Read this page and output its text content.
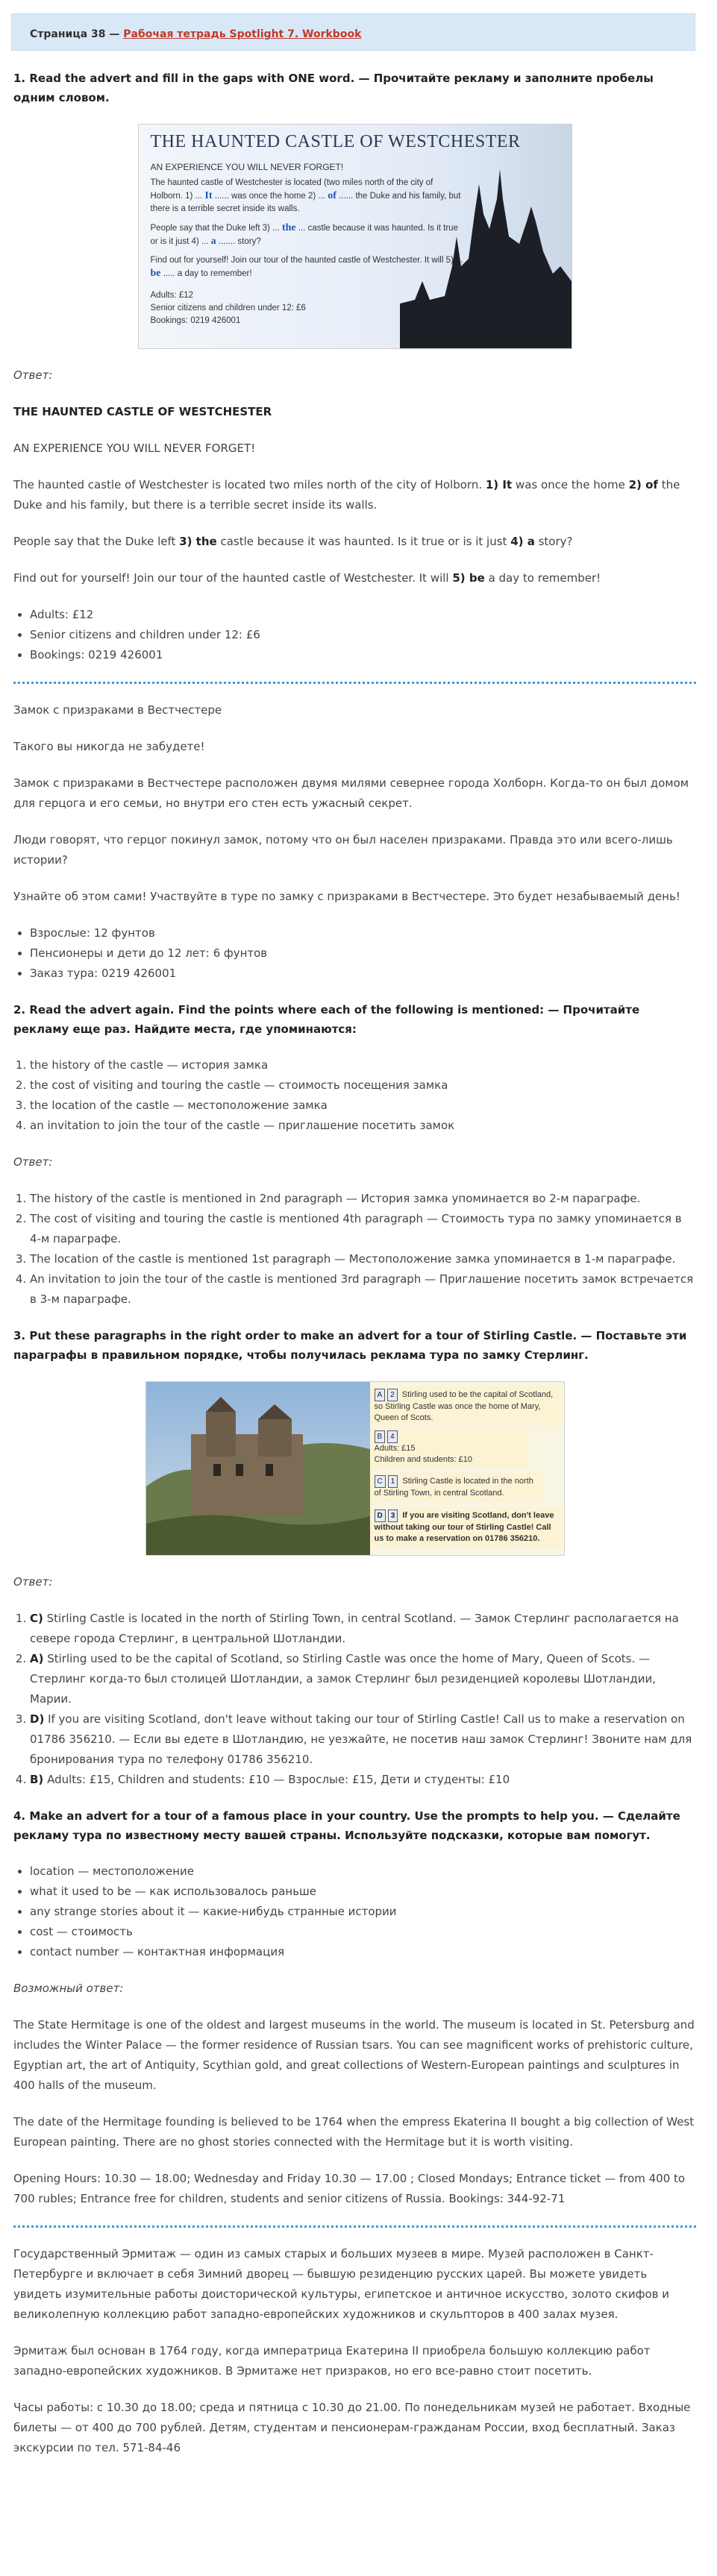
Страница 38 — Рабочая тетрадь Spotlight 7. Workbook
1. Read the advert and fill in the gaps with ONE word. — Прочитайте рекламу и заполните пробелы одним словом.
THE HAUNTED CASTLE OF WESTCHESTER
AN EXPERIENCE YOU WILL NEVER FORGET!
The haunted castle of Westchester is located (two miles north of the city of Holborn. 1) ... It ...... was once the home 2) ... of ...... the Duke and his family, but there is a terrible secret inside its walls.
People say that the Duke left 3) ... the ... castle because it was haunted. Is it true or is it just 4) ... a ....... story?
Find out for yourself! Join our tour of the haunted castle of Westchester. It will 5) ... be ..... a day to remember!
Adults: £12
Senior citizens and children under 12: £6
Bookings: 0219 426001

Ответ:

THE HAUNTED CASTLE OF WESTCHESTER

AN EXPERIENCE YOU WILL NEVER FORGET!

The haunted castle of Westchester is located two miles north of the city of Holborn. 1) It was once the home 2) of the Duke and his family, but there is a terrible secret inside its walls.

People say that the Duke left 3) the castle because it was haunted. Is it true or is it just 4) a story?

Find out for yourself! Join our tour of the haunted castle of Westchester. It will 5) be a day to remember!

• Adults: £12
• Senior citizens and children under 12: £6
• Bookings: 0219 426001

Замок с призраками в Вестчестере

Такого вы никогда не забудете!

Замок с призраками в Вестчестере расположен двумя милями севернее города Холборн. Когда-то он был домом для герцога и его семьи, но внутри его стен есть ужасный секрет.

Люди говорят, что герцог покинул замок, потому что он был населен призраками. Правда это или всего-лишь истории?

Узнайте об этом сами! Участвуйте в туре по замку с призраками в Вестчестере. Это будет незабываемый день!

• Взрослые: 12 фунтов
• Пенсионеры и дети до 12 лет: 6 фунтов
• Заказ тура: 0219 426001
2. Read the advert again. Find the points where each of the following is mentioned: — Прочитайте рекламу еще раз. Найдите места, где упоминаются:
1. the history of the castle — история замка
2. the cost of visiting and touring the castle — стоимость посещения замка
3. the location of the castle — местоположение замка
4. an invitation to join the tour of the castle — приглашение посетить замок

Ответ:

1. The history of the castle is mentioned in 2nd paragraph — История замка упоминается во 2-м параграфе.
2. The cost of visiting and touring the castle is mentioned 4th paragraph — Стоимость тура по замку упоминается в 4-м параграфе.
3. The location of the castle is mentioned 1st paragraph — Местоположение замка упоминается в 1-м параграфе.
4. An invitation to join the tour of the castle is mentioned 3rd paragraph — Приглашение посетить замок встречается в 3-м параграфе.
3. Put these paragraphs in the right order to make an advert for a tour of Stirling Castle. — Поставьте эти параграфы в правильном порядке, чтобы получилась реклама тура по замку Стерлинг.
A 2 Stirling used to be the capital of Scotland, so Stirling Castle was once the home of Mary, Queen of Scots.
B 4
Adults: £15
Children and students: £10
C 1 Stirling Castle is located in the north of Stirling Town, in central Scotland.
D 3 If you are visiting Scotland, don't leave without taking our tour of Stirling Castle! Call us to make a reservation on 01786 356210.

Ответ:

1. C) Stirling Castle is located in the north of Stirling Town, in central Scotland. — Замок Стерлинг располагается на севере города Стерлинг, в центральной Шотландии.
2. A) Stirling used to be the capital of Scotland, so Stirling Castle was once the home of Mary, Queen of Scots. — Стерлинг когда-то был столицей Шотландии, а замок Стерлинг был резиденцией королевы Шотландии, Марии.
3. D) If you are visiting Scotland, don't leave without taking our tour of Stirling Castle! Call us to make a reservation on 01786 356210. — Если вы едете в Шотландию, не уезжайте, не посетив наш замок Стерлинг! Звоните нам для бронирования тура по телефону 01786 356210.
4. B) Adults: £15, Children and students: £10 — Взрослые: £15, Дети и студенты: £10
4. Make an advert for a tour of a famous place in your country. Use the prompts to help you. — Сделайте рекламу тура по известному месту вашей страны. Используйте подсказки, которые вам помогут.
• location — местоположение
• what it used to be — как использовалось раньше
• any strange stories about it — какие-нибудь странные истории
• cost — стоимость
• contact number — контактная информация

Возможный ответ:

The State Hermitage is one of the oldest and largest museums in the world. The museum is located in St. Petersburg and includes the Winter Palace — the former residence of Russian tsars. You can see magnificent works of prehistoric culture, Egyptian art, the art of Antiquity, Scythian gold, and great collections of Western-European paintings and sculptures in 400 halls of the museum.

The date of the Hermitage founding is believed to be 1764 when the empress Ekaterina II bought a big collection of West European painting. There are no ghost stories connected with the Hermitage but it is worth visiting.

Opening Hours: 10.30 — 18.00; Wednesday and Friday 10.30 — 17.00 ; Closed Mondays; Entrance ticket — from 400 to 700 rubles; Entrance free for children, students and senior citizens of Russia. Bookings: 344-92-71

Государственный Эрмитаж — один из самых старых и больших музеев в мире. Музей расположен в Санкт-Петербурге и включает в себя Зимний дворец — бывшую резиденцию русских царей. Вы можете увидеть увидеть изумительные работы доисторической культуры, египетское и античное искусство, золото скифов и великолепную коллекцию работ западно-европейских художников и скульпторов в 400 залах музея.

Эрмитаж был основан в 1764 году, когда императрица Екатерина II приобрела большую коллекцию работ западно-европейских художников. В Эрмитаже нет призраков, но его все-равно стоит посетить.

Часы работы: с 10.30 до 18.00; среда и пятница с 10.30 до 21.00. По понедельникам музей не работает. Входные билеты — от 400 до 700 рублей. Детям, студентам и пенсионерам-гражданам России, вход бесплатный. Заказ экскурсии по тел. 571-84-46
